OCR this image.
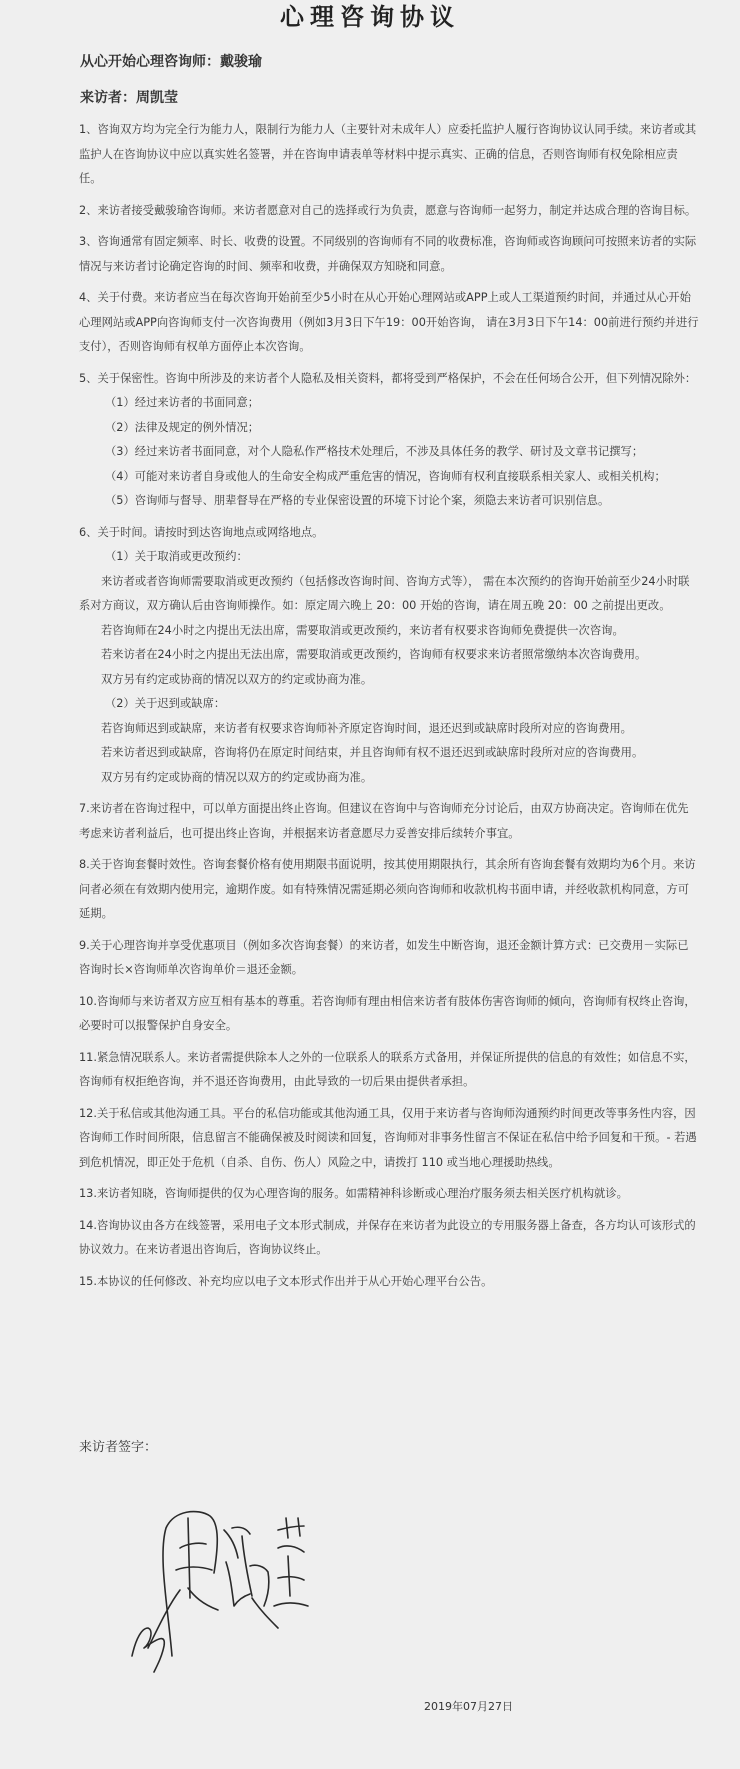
心理咨询协议
从心开始心理咨询师：戴骏瑜
来访者：周凯莹

1、咨询双方均为完全行为能力人，限制行为能力人（主要针对未成年人）应委托监护人履行咨询协议认同手续。来访者或其监护人在咨询协议中应以真实姓名签署，并在咨询申请表单等材料中提示真实、正确的信息，否则咨询师有权免除相应责任。

2、来访者接受戴骏瑜咨询师。来访者愿意对自己的选择或行为负责，愿意与咨询师一起努力，制定并达成合理的咨询目标。

3、咨询通常有固定频率、时长、收费的设置。不同级别的咨询师有不同的收费标准，咨询师或咨询顾问可按照来访者的实际情况与来访者讨论确定咨询的时间、频率和收费，并确保双方知晓和同意。

4、关于付费。来访者应当在每次咨询开始前至少5小时在从心开始心理网站或APP上或人工渠道预约时间，并通过从心开始心理网站或APP向咨询师支付一次咨询费用（例如3月3日下午19：00开始咨询， 请在3月3日下午14：00前进行预约并进行支付），否则咨询师有权单方面停止本次咨询。

5、关于保密性。咨询中所涉及的来访者个人隐私及相关资料，都将受到严格保护，不会在任何场合公开，但下列情况除外：

（1）经过来访者的书面同意；

（2）法律及规定的例外情况；

（3）经过来访者书面同意，对个人隐私作严格技术处理后，不涉及具体任务的教学、研讨及文章书记撰写；

（4）可能对来访者自身或他人的生命安全构成严重危害的情况，咨询师有权利直接联系相关家人、或相关机构；

（5）咨询师与督导、朋辈督导在严格的专业保密设置的环境下讨论个案，须隐去来访者可识别信息。

6、关于时间。请按时到达咨询地点或网络地点。

（1）关于取消或更改预约：

来访者或者咨询师需要取消或更改预约（包括修改咨询时间、咨询方式等）， 需在本次预约的咨询开始前至少24小时联系对方商议，双方确认后由咨询师操作。如：原定周六晚上 20：00 开始的咨询，请在周五晚 20：00 之前提出更改。

若咨询师在24小时之内提出无法出席，需要取消或更改预约，来访者有权要求咨询师免费提供一次咨询。

若来访者在24小时之内提出无法出席，需要取消或更改预约，咨询师有权要求来访者照常缴纳本次咨询费用。

双方另有约定或协商的情况以双方的约定或协商为准。

（2）关于迟到或缺席：

若咨询师迟到或缺席，来访者有权要求咨询师补齐原定咨询时间，退还迟到或缺席时段所对应的咨询费用。

若来访者迟到或缺席，咨询将仍在原定时间结束，并且咨询师有权不退还迟到或缺席时段所对应的咨询费用。

双方另有约定或协商的情况以双方的约定或协商为准。

7.来访者在咨询过程中，可以单方面提出终止咨询。但建议在咨询中与咨询师充分讨论后，由双方协商决定。咨询师在优先考虑来访者利益后，也可提出终止咨询，并根据来访者意愿尽力妥善安排后续转介事宜。

8.关于咨询套餐时效性。咨询套餐价格有使用期限书面说明，按其使用期限执行，其余所有咨询套餐有效期均为6个月。来访问者必须在有效期内使用完，逾期作废。如有特殊情况需延期必须向咨询师和收款机构书面申请，并经收款机构同意，方可延期。

9.关于心理咨询并享受优惠项目（例如多次咨询套餐）的来访者，如发生中断咨询，退还金额计算方式：已交费用－实际已咨询时长×咨询师单次咨询单价＝退还金额。

10.咨询师与来访者双方应互相有基本的尊重。若咨询师有理由相信来访者有肢体伤害咨询师的倾向，咨询师有权终止咨询，必要时可以报警保护自身安全。

11.紧急情况联系人。来访者需提供除本人之外的一位联系人的联系方式备用，并保证所提供的信息的有效性；如信息不实，咨询师有权拒绝咨询，并不退还咨询费用，由此导致的一切后果由提供者承担。

12.关于私信或其他沟通工具。平台的私信功能或其他沟通工具，仅用于来访者与咨询师沟通预约时间更改等事务性内容，因咨询师工作时间所限，信息留言不能确保被及时阅读和回复，咨询师对非事务性留言不保证在私信中给予回复和干预。- 若遇到危机情况，即正处于危机（自杀、自伤、伤人）风险之中，请拨打 110 或当地心理援助热线。

13.来访者知晓，咨询师提供的仅为心理咨询的服务。如需精神科诊断或心理治疗服务须去相关医疗机构就诊。

14.咨询协议由各方在线签署，采用电子文本形式制成，并保存在来访者为此设立的专用服务器上备查，各方均认可该形式的协议效力。在来访者退出咨询后，咨询协议终止。

15.本协议的任何修改、补充均应以电子文本形式作出并于从心开始心理平台公告。

来访者签字：
2019年07月27日
